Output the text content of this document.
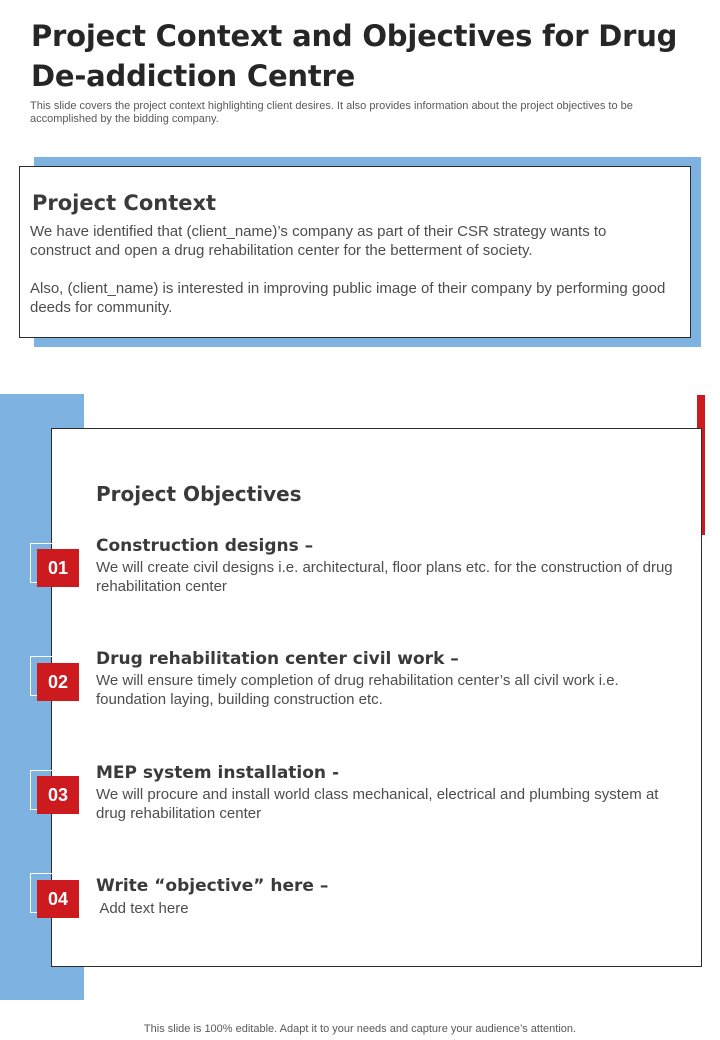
Project Context and Objectives for Drug De-addiction Centre

This slide covers the project context highlighting client desires. It also provides information about the project objectives to be accomplished by the bidding company.

Project Context

We have identified that (client_name)’s company as part of their CSR strategy wants to construct and open a drug rehabilitation center for the betterment of society.

Also, (client_name) is interested in improving public image of their company by performing good deeds for community.

Project Objectives
01
Construction designs –

We will create civil designs i.e. architectural, floor plans etc. for the construction of drug rehabilitation center

02
Drug rehabilitation center civil work –

We will ensure timely completion of drug rehabilitation center’s all civil work i.e. foundation laying, building construction etc.

03
MEP system installation -

We will procure and install world class mechanical, electrical and plumbing system at drug rehabilitation center

04
Write “objective” here –

Add text here

This slide is 100% editable. Adapt it to your needs and capture your audience’s attention.
